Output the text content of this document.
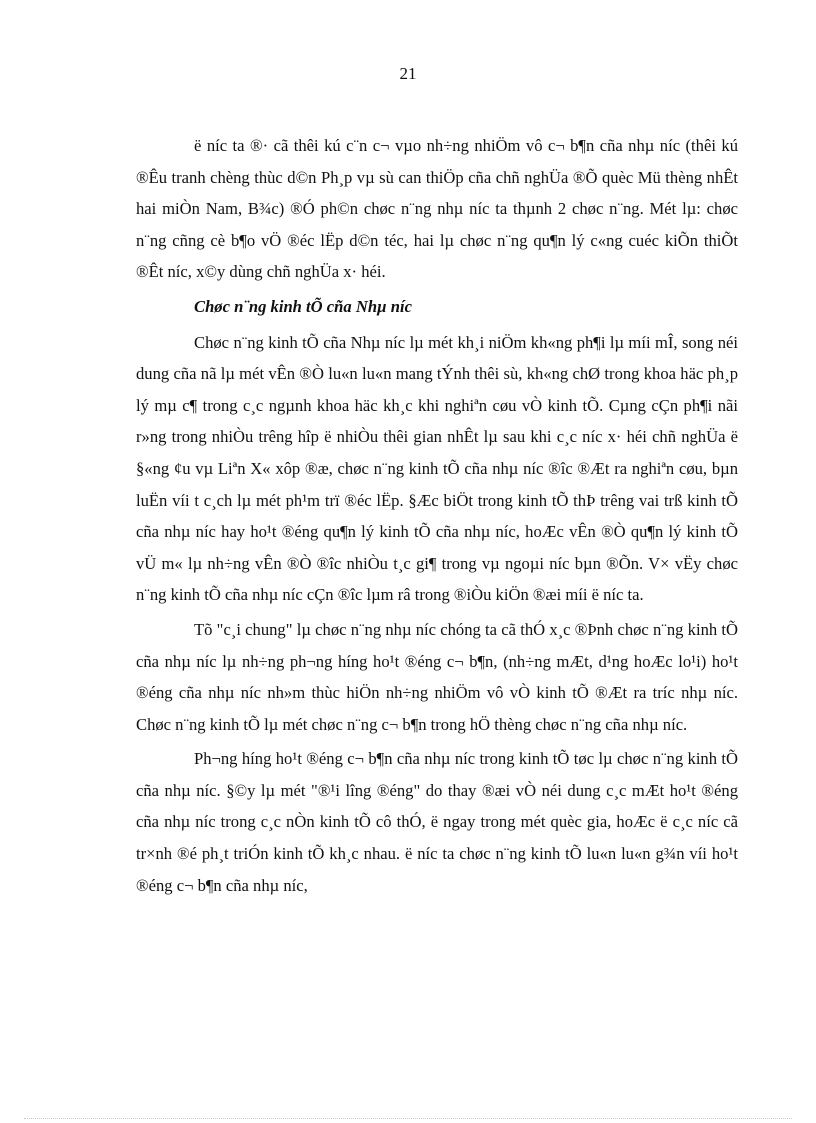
21

ë níc ta ®· cã thêi kú c¨n c¬ vµo nh÷ng nhiÖm vô c¬ b¶n cña nhµ níc (thêi kú ®Êu tranh chèng thùc d©n Ph¸p vµ sù can thiÖp cña chñ nghÜa ®Õ quèc Mü thèng nhÊt hai miÒn Nam, B¾c) ®Ó ph©n chøc n¨ng nhµ níc ta thµnh 2 chøc n¨ng. Mét lµ: chøc n¨ng cñng cè b¶o vÖ ®éc lËp d©n téc, hai lµ chøc n¨ng qu¶n lý c«ng cuéc kiÕn thiÕt ®Êt níc, x©y dùng chñ nghÜa x· héi.

Chøc n¨ng kinh tÕ cña Nhµ níc

Chøc n¨ng kinh tÕ cña Nhµ níc lµ mét kh¸i niÖm kh«ng ph¶i lµ míi mÎ, song néi dung cña nã lµ mét vÊn ®Ò lu«n lu«n mang tÝnh thêi sù, kh«ng chØ trong khoa häc ph¸p lý mµ c¶ trong c¸c ngµnh khoa häc kh¸c khi nghiªn cøu vÒ kinh tÕ. Cµng cÇn ph¶i nãi r»ng trong nhiÒu trêng hîp ë nhiÒu thêi gian nhÊt lµ sau khi c¸c níc x· héi chñ nghÜa ë §«ng ¢u vµ Liªn X« xôp ®æ, chøc n¨ng kinh tÕ cña nhµ níc ®îc ®Æt ra nghiªn cøu, bµn luËn víi t c¸ch lµ mét ph¹m trï ®éc lËp. §Æc biÖt trong kinh tÕ thÞ trêng vai trß kinh tÕ cña nhµ níc hay ho¹t ®éng qu¶n lý kinh tÕ cña nhµ níc, hoÆc vÊn ®Ò qu¶n lý kinh tÕ vÜ m« lµ nh÷ng vÊn ®Ò ®îc nhiÒu t¸c gi¶ trong vµ ngoµi níc bµn ®Õn. V× vËy chøc n¨ng kinh tÕ cña nhµ níc cÇn ®îc lµm râ trong ®iÒu kiÖn ®æi míi ë níc ta.

Tõ "c¸i chung" lµ chøc n¨ng nhµ níc chóng ta cã thÓ x¸c ®Þnh chøc n¨ng kinh tÕ cña nhµ níc lµ nh÷ng ph¬ng híng ho¹t ®éng c¬ b¶n, (nh÷ng mÆt, d¹ng hoÆc lo¹i) ho¹t ®éng cña nhµ níc nh»m thùc hiÖn nh÷ng nhiÖm vô vÒ kinh tÕ ®Æt ra tríc nhµ níc. Chøc n¨ng kinh tÕ lµ mét chøc n¨ng c¬ b¶n trong hÖ thèng chøc n¨ng cña nhµ níc.

Ph¬ng híng ho¹t ®éng c¬ b¶n cña nhµ níc trong kinh tÕ tøc lµ chøc n¨ng kinh tÕ cña nhµ níc. §©y lµ mét "®¹i lîng ®éng" do thay ®æi vÒ néi dung c¸c mÆt ho¹t ®éng cña nhµ níc trong c¸c nÒn kinh tÕ cô thÓ, ë ngay trong mét quèc gia, hoÆc ë c¸c níc cã tr×nh ®é ph¸t triÓn kinh tÕ kh¸c nhau. ë níc ta chøc n¨ng kinh tÕ lu«n lu«n g¾n víi ho¹t ®éng c¬ b¶n cña nhµ níc,
